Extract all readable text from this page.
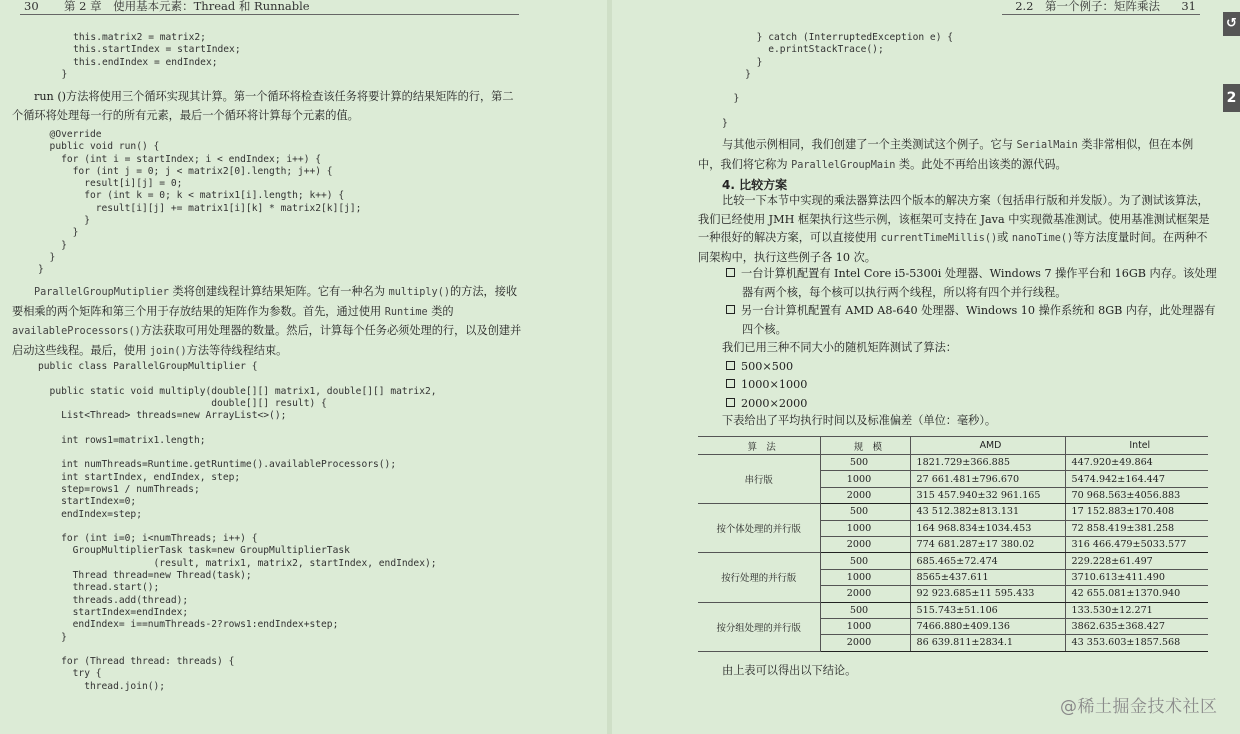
30 第 2 章　使用基本元素：Thread 和 Runnable
this.matrix2 = matrix2;
this.startIndex = startIndex;
this.endIndex = endIndex;
}
run ()方法将使用三个循环实现其计算。第一个循环将检查该任务将要计算的结果矩阵的行，第二个循环将处理每一行的所有元素，最后一个循环将计算每个元素的值。
@Override
public void run() {
for (int i = startIndex; i < endIndex; i++) {
for (int j = 0; j < matrix2[0].length; j++) {
result[i][j] = 0;
for (int k = 0; k < matrix1[i].length; k++) {
result[i][j] += matrix1[i][k] * matrix2[k][j];
}
}
}
}
}
ParallelGroupMutiplier 类将创建线程计算结果矩阵。它有一种名为 multiply()的方法，接收要相乘的两个矩阵和第三个用于存放结果的矩阵作为参数。首先，通过使用 Runtime 类的 availableProcessors()方法获取可用处理器的数量。然后，计算每个任务必须处理的行，以及创建并启动这些线程。最后，使用 join()方法等待线程结束。
public class ParallelGroupMultiplier {

public static void multiply(double[][] matrix1, double[][] matrix2,
double[][] result) {
List<Thread> threads=new ArrayList<>();

int rows1=matrix1.length;

int numThreads=Runtime.getRuntime().availableProcessors();
int startIndex, endIndex, step;
step=rows1 / numThreads;
startIndex=0;
endIndex=step;

for (int i=0; i<numThreads; i++) {
GroupMultiplierTask task=new GroupMultiplierTask
(result, matrix1, matrix2, startIndex, endIndex);
Thread thread=new Thread(task);
thread.start();
threads.add(thread);
startIndex=endIndex;
endIndex= i==numThreads-2?rows1:endIndex+step;
}

for (Thread thread: threads) {
try {
thread.join();
2.2　第一个例子：矩阵乘法 31
} catch (InterruptedException e) {
e.printStackTrace();
}
}

}

}
与其他示例相同，我们创建了一个主类测试这个例子。它与 SerialMain 类非常相似，但在本例中，我们将它称为 ParallelGroupMain 类。此处不再给出该类的源代码。
4. 比较方案
比较一下本节中实现的乘法器算法四个版本的解决方案（包括串行版和并发版）。为了测试该算法，我们已经使用 JMH 框架执行这些示例，该框架可支持在 Java 中实现微基准测试。使用基准测试框架是一种很好的解决方案，可以直接使用 currentTimeMillis()或 nanoTime()等方法度量时间。在两种不同架构中，执行这些例子各 10 次。
一台计算机配置有 Intel Core i5-5300i 处理器、Windows 7 操作平台和 16GB 内存。该处理器有两个核，每个核可以执行两个线程，所以将有四个并行线程。
另一台计算机配置有 AMD A8-640 处理器、Windows 10 操作系统和 8GB 内存，此处理器有四个核。
我们已用三种不同大小的随机矩阵测试了算法：
500×500
1000×1000
2000×2000
下表给出了平均执行时间以及标准偏差（单位：毫秒）。
算　法	规　模	AMD	Intel
串行版	500	1821.729±366.885	447.920±49.864
	1000	27 661.481±796.670	5474.942±164.447
	2000	315 457.940±32 961.165	70 968.563±4056.883
按个体处理的并行版	500	43 512.382±813.131	17 152.883±170.408
	1000	164 968.834±1034.453	72 858.419±381.258
	2000	774 681.287±17 380.02	316 466.479±5033.577
按行处理的并行版	500	685.465±72.474	229.228±61.497
	1000	8565±437.611	3710.613±411.490
	2000	92 923.685±11 595.433	42 655.081±1370.940
按分组处理的并行版	500	515.743±51.106	133.530±12.271
	1000	7466.880±409.136	3862.635±368.427
	2000	86 639.811±2834.1	43 353.603±1857.568
由上表可以得出以下结论。
↺
2
@稀土掘金技术社区
